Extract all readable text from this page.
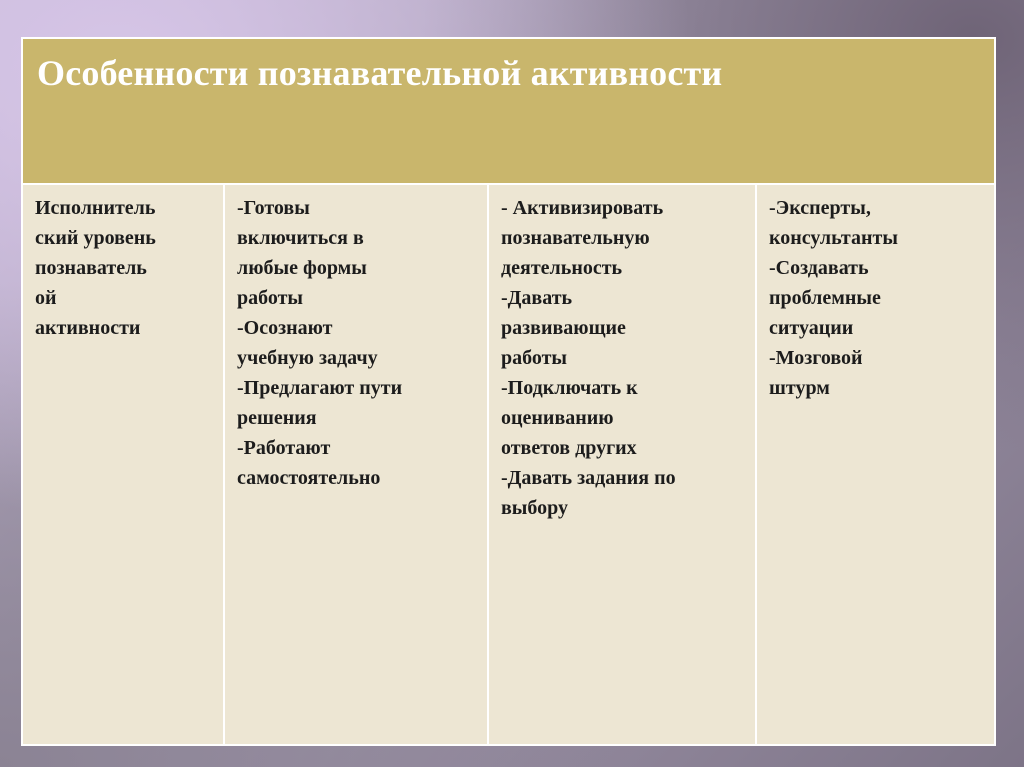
Особенности познавательной активности
Исполнитель
ский уровень
познаватель
ой
активности
-Готовы
включиться в
любые формы
работы
-Осознают
учебную задачу
-Предлагают пути
решения
-Работают
самостоятельно
- Активизировать
познавательную
деятельность
-Давать
развивающие
работы
-Подключать к
оцениванию
ответов других
-Давать задания по
выбору
-Эксперты,
консультанты
-Создавать
проблемные
ситуации
-Мозговой
штурм
